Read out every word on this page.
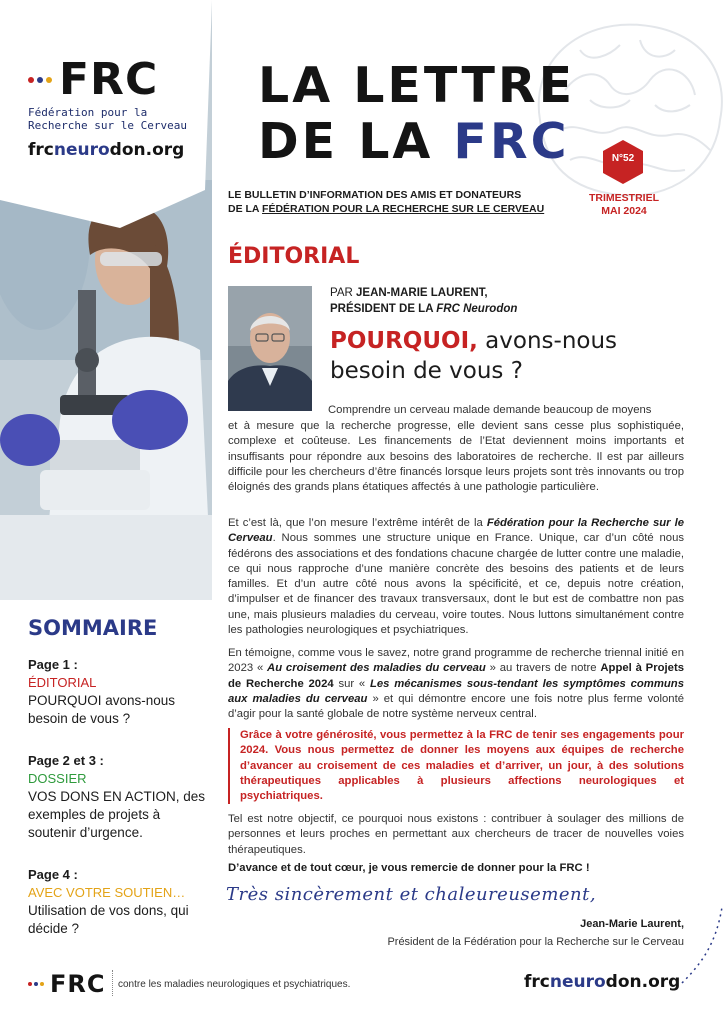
FRC
Fédération pour la Recherche sur le Cerveau
frcneurodon.org
LA LETTRE
DE LA FRC
LE BULLETIN D’INFORMATION DES AMIS ET DONATEURS
DE LA FÉDÉRATION POUR LA RECHERCHE SUR LE CERVEAU
N°52
TRIMESTRIEL
MAI 2024
ÉDITORIAL
PAR JEAN-MARIE LAURENT,
PRÉSIDENT DE LA FRC Neurodon
POURQUOI, avons-nous
besoin de vous ?
Comprendre un cerveau malade demande beaucoup de moyens
et à mesure que la recherche progresse, elle devient sans cesse plus sophistiquée, complexe et coûteuse. Les financements de l’Etat deviennent moins importants et insuffisants pour répondre aux besoins des laboratoires de recherche. Il est par ailleurs difficile pour les chercheurs d’être financés lorsque leurs projets sont très innovants ou trop éloignés des grands plans étatiques affectés à une pathologie particulière.
Et c’est là, que l’on mesure l’extrême intérêt de la Fédération pour la Recherche sur le Cerveau. Nous sommes une structure unique en France. Unique, car d’un côté nous fédérons des associations et des fondations chacune chargée de lutter contre une maladie, ce qui nous rapproche d’une manière concrète des besoins des patients et de leurs familles. Et d’un autre côté nous avons la spécificité, et ce, depuis notre création, d’impulser et de financer des travaux transversaux, dont le but est de combattre non pas une, mais plusieurs maladies du cerveau, voire toutes. Nous luttons simultanément contre les pathologies neurologiques et psychiatriques.
En témoigne, comme vous le savez, notre grand programme de recherche triennal initié en 2023 « Au croisement des maladies du cerveau » au travers de notre Appel à Projets de Recherche 2024 sur « Les mécanismes sous-tendant les symptômes communs aux maladies du cerveau » et qui démontre encore une fois notre plus ferme volonté d’agir pour la santé globale de notre système nerveux central.

Grâce à votre générosité, vous permettez à la FRC de tenir ses engagements pour 2024. Vous nous permettez de donner les moyens aux équipes de recherche d’avancer au croisement de ces maladies et d’arriver, un jour, à des solutions thérapeutiques applicables à plusieurs affections neurologiques et psychiatriques.

Tel est notre objectif, ce pourquoi nous existons : contribuer à soulager des millions de personnes et leurs proches en permettant aux chercheurs de tracer de nouvelles voies thérapeutiques.
D’avance et de tout cœur, je vous remercie de donner pour la FRC !
Très sincèrement et chaleureusement,
Jean-Marie Laurent,
Président de la Fédération pour la Recherche sur le Cerveau
SOMMAIRE
Page 1 :
ÉDITORIAL
POURQUOI avons-nous besoin de vous ?
Page 2 et 3 :
DOSSIER
VOS DONS EN ACTION, des exemples de projets à soutenir d’urgence.
Page 4 :
AVEC VOTRE SOUTIEN…
Utilisation de vos dons, qui décide ?
FRC contre les maladies neurologiques et psychiatriques.	frcneurodon.org
